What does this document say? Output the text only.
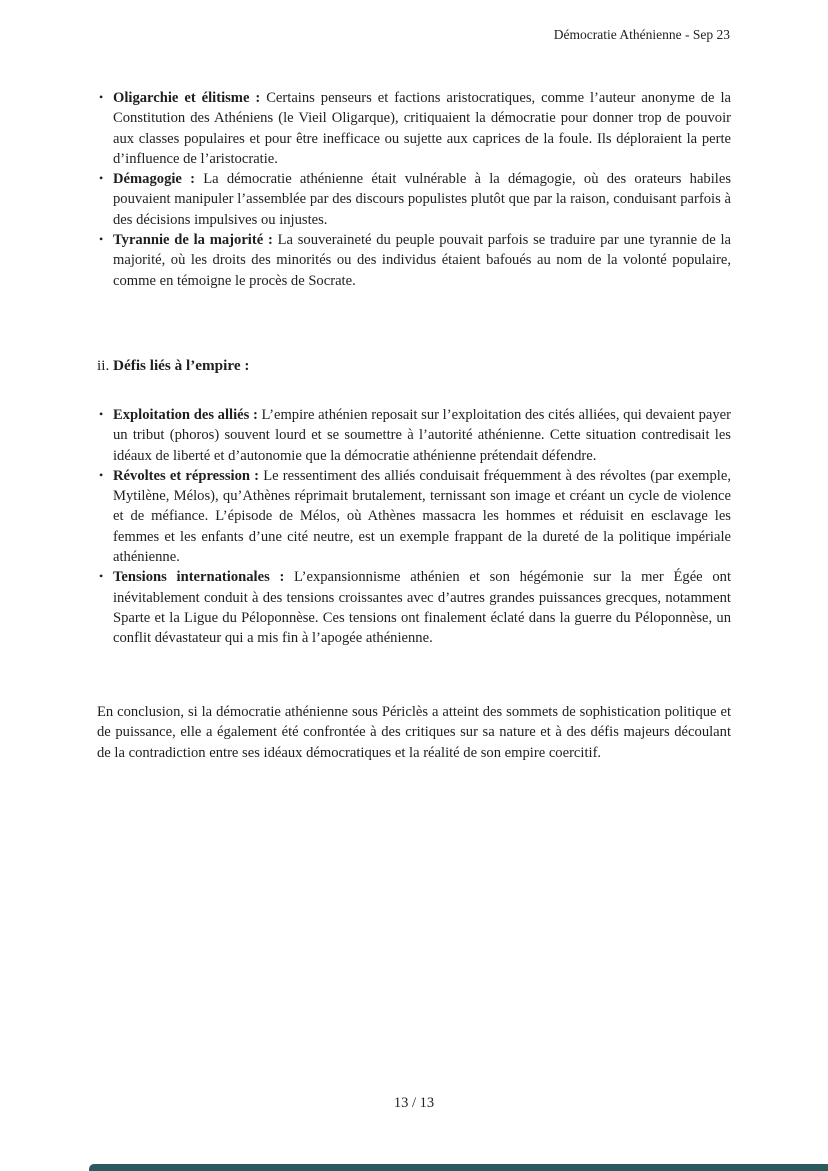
Démocratie Athénienne - Sep 23
• Oligarchie et élitisme : Certains penseurs et factions aristocratiques, comme l’auteur anonyme de la Constitution des Athéniens (le Vieil Oligarque), critiquaient la démocratie pour donner trop de pouvoir aux classes populaires et pour être inefficace ou sujette aux caprices de la foule. Ils déploraient la perte d’influence de l’aristocratie.
• Démagogie : La démocratie athénienne était vulnérable à la démagogie, où des orateurs habiles pouvaient manipuler l’assemblée par des discours populistes plutôt que par la raison, conduisant parfois à des décisions impulsives ou injustes.
• Tyrannie de la majorité : La souveraineté du peuple pouvait parfois se traduire par une tyrannie de la majorité, où les droits des minorités ou des individus étaient bafoués au nom de la volonté populaire, comme en témoigne le procès de Socrate.
ii. Défis liés à l’empire :
• Exploitation des alliés : L’empire athénien reposait sur l’exploitation des cités alliées, qui devaient payer un tribut (phoros) souvent lourd et se soumettre à l’autorité athénienne. Cette situation contredisait les idéaux de liberté et d’autonomie que la démocratie athénienne prétendait défendre.
• Révoltes et répression : Le ressentiment des alliés conduisait fréquemment à des révoltes (par exemple, Mytilène, Mélos), qu’Athènes réprimait brutalement, ternissant son image et créant un cycle de violence et de méfiance. L’épisode de Mélos, où Athènes massacra les hommes et réduisit en esclavage les femmes et les enfants d’une cité neutre, est un exemple frappant de la dureté de la politique impériale athénienne.
• Tensions internationales : L’expansionnisme athénien et son hégémonie sur la mer Égée ont inévitablement conduit à des tensions croissantes avec d’autres grandes puissances grecques, notamment Sparte et la Ligue du Péloponnèse. Ces tensions ont finalement éclaté dans la guerre du Péloponnèse, un conflit dévastateur qui a mis fin à l’apogée athénienne.

En conclusion, si la démocratie athénienne sous Périclès a atteint des sommets de sophistication politique et de puissance, elle a également été confrontée à des critiques sur sa nature et à des défis majeurs découlant de la contradiction entre ses idéaux démocratiques et la réalité de son empire coercitif.

13 / 13
